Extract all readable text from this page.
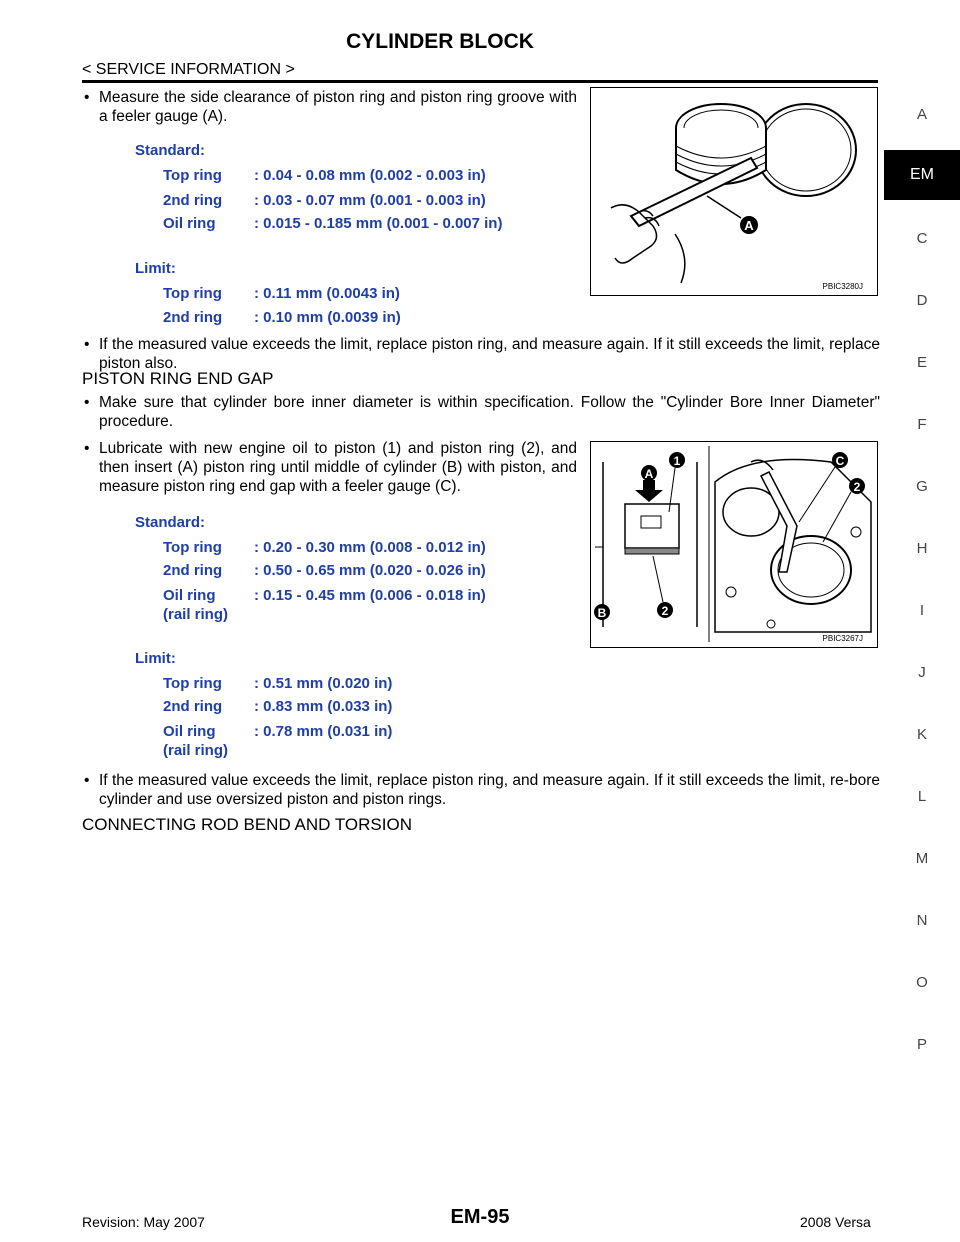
CYLINDER BLOCK
< SERVICE INFORMATION >
• Measure the side clearance of piston ring and piston ring groove with a feeler gauge (A).
A
PBIC3280J
Standard:
Top ring : 0.04 - 0.08 mm (0.002 - 0.003 in)
2nd ring : 0.03 - 0.07 mm (0.001 - 0.003 in)
Oil ring	: 0.015 - 0.185 mm (0.001 - 0.007 in)
Limit:
Top ring : 0.11 mm (0.0043 in)
2nd ring : 0.10 mm (0.0039 in)
• If the measured value exceeds the limit, replace piston ring, and measure again. If it still exceeds the limit, replace piston also.
PISTON RING END GAP
• Make sure that cylinder bore inner diameter is within specification. Follow the "Cylinder Bore Inner Diameter" procedure.
• Lubricate with new engine oil to piston (1) and piston ring (2), and then insert (A) piston ring until middle of cylinder (B) with piston, and measure piston ring end gap with a feeler gauge (C).
A
1
2
B
C
2
PBIC3267J
Standard:
Top ring : 0.20 - 0.30 mm (0.008 - 0.012 in)
2nd ring : 0.50 - 0.65 mm (0.020 - 0.026 in)
Oil ring
(rail ring)
: 0.15 - 0.45 mm (0.006 - 0.018 in)
Limit:
Top ring : 0.51 mm (0.020 in)
2nd ring : 0.83 mm (0.033 in)
Oil ring
(rail ring)
: 0.78 mm (0.031 in)
• If the measured value exceeds the limit, replace piston ring, and measure again. If it still exceeds the limit, re-bore cylinder and use oversized piston and piston rings.
CONNECTING ROD BEND AND TORSION
A
EM
C
D
E
F
G
H
I
J
K
L
M
N
O
P
Revision: May 2007	EM-95	2008 Versa
